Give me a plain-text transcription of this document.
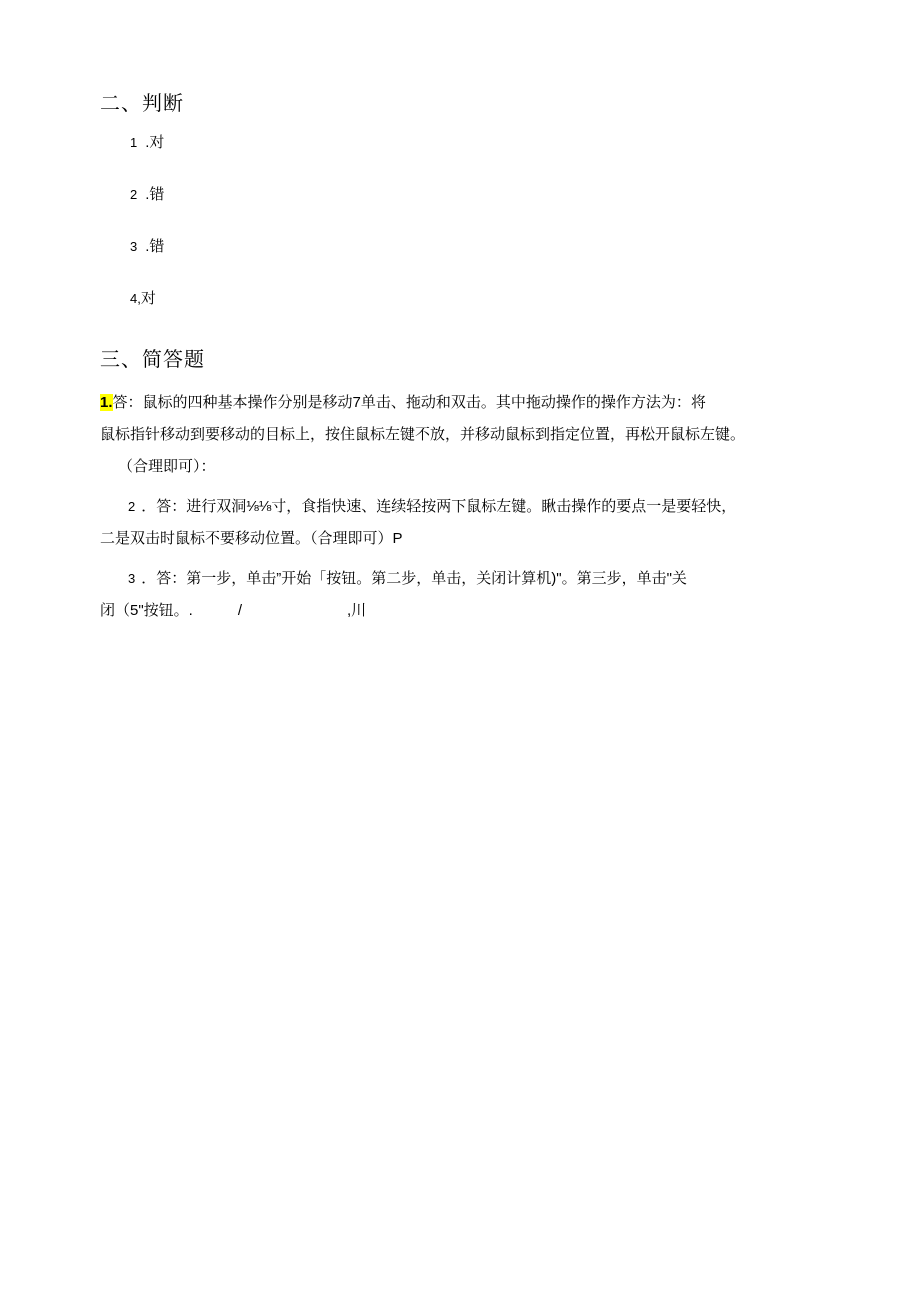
二、判断
1 .对
2 .错
3 .错
4,对
三、简答题

1.答：鼠标的四种基本操作分别是移动7单击、拖动和双击。其中拖动操作的操作方法为：将

鼠标指针移动到要移动的目标上，按住鼠标左键不放，并移动鼠标到指定位置，再松开鼠标左键。

（合理即可）：

2 ．答：进行双洞⅛⅛寸，食指快速、连续轻按两下鼠标左键。瞅击操作的要点一是要轻快，

二是双击时鼠标不要移动位置。（合理即可）P

3 ．答：第一步，单击”开始「按钮。第二步，单击，关闭计算机)"。第三步，单击"关

闭（5"按钮。.　　　/　　　　　　　,川
